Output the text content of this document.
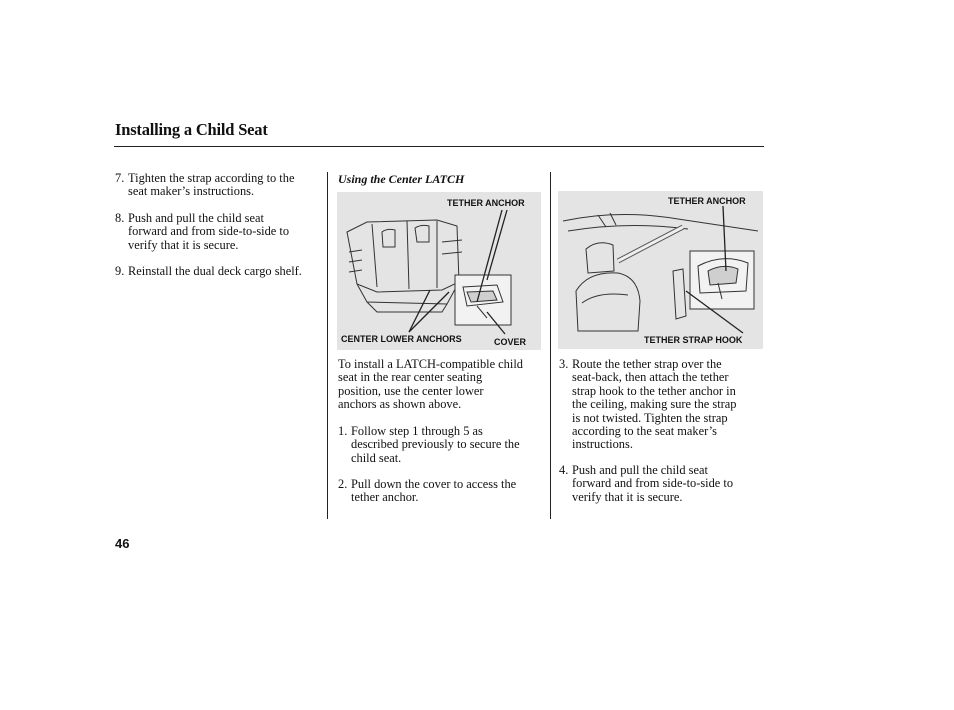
Installing a Child Seat
7. Tighten the strap according to the
seat maker’s instructions.
8. Push and pull the child seat
forward and from side-to-side to
verify that it is secure.
9. Reinstall the dual deck cargo shelf.
Using the Center LATCH
TETHER ANCHOR
CENTER LOWER ANCHORS	COVER
To install a LATCH-compatible child
seat in the rear center seating
position, use the center lower
anchors as shown above.
1. Follow step 1 through 5 as
described previously to secure the
child seat.
2. Pull down the cover to access the
tether anchor.
TETHER ANCHOR
TETHER STRAP HOOK
3. Route the tether strap over the
seat-back, then attach the tether
strap hook to the tether anchor in
the ceiling, making sure the strap
is not twisted. Tighten the strap
according to the seat maker’s
instructions.
4. Push and pull the child seat
forward and from side-to-side to
verify that it is secure.
46
